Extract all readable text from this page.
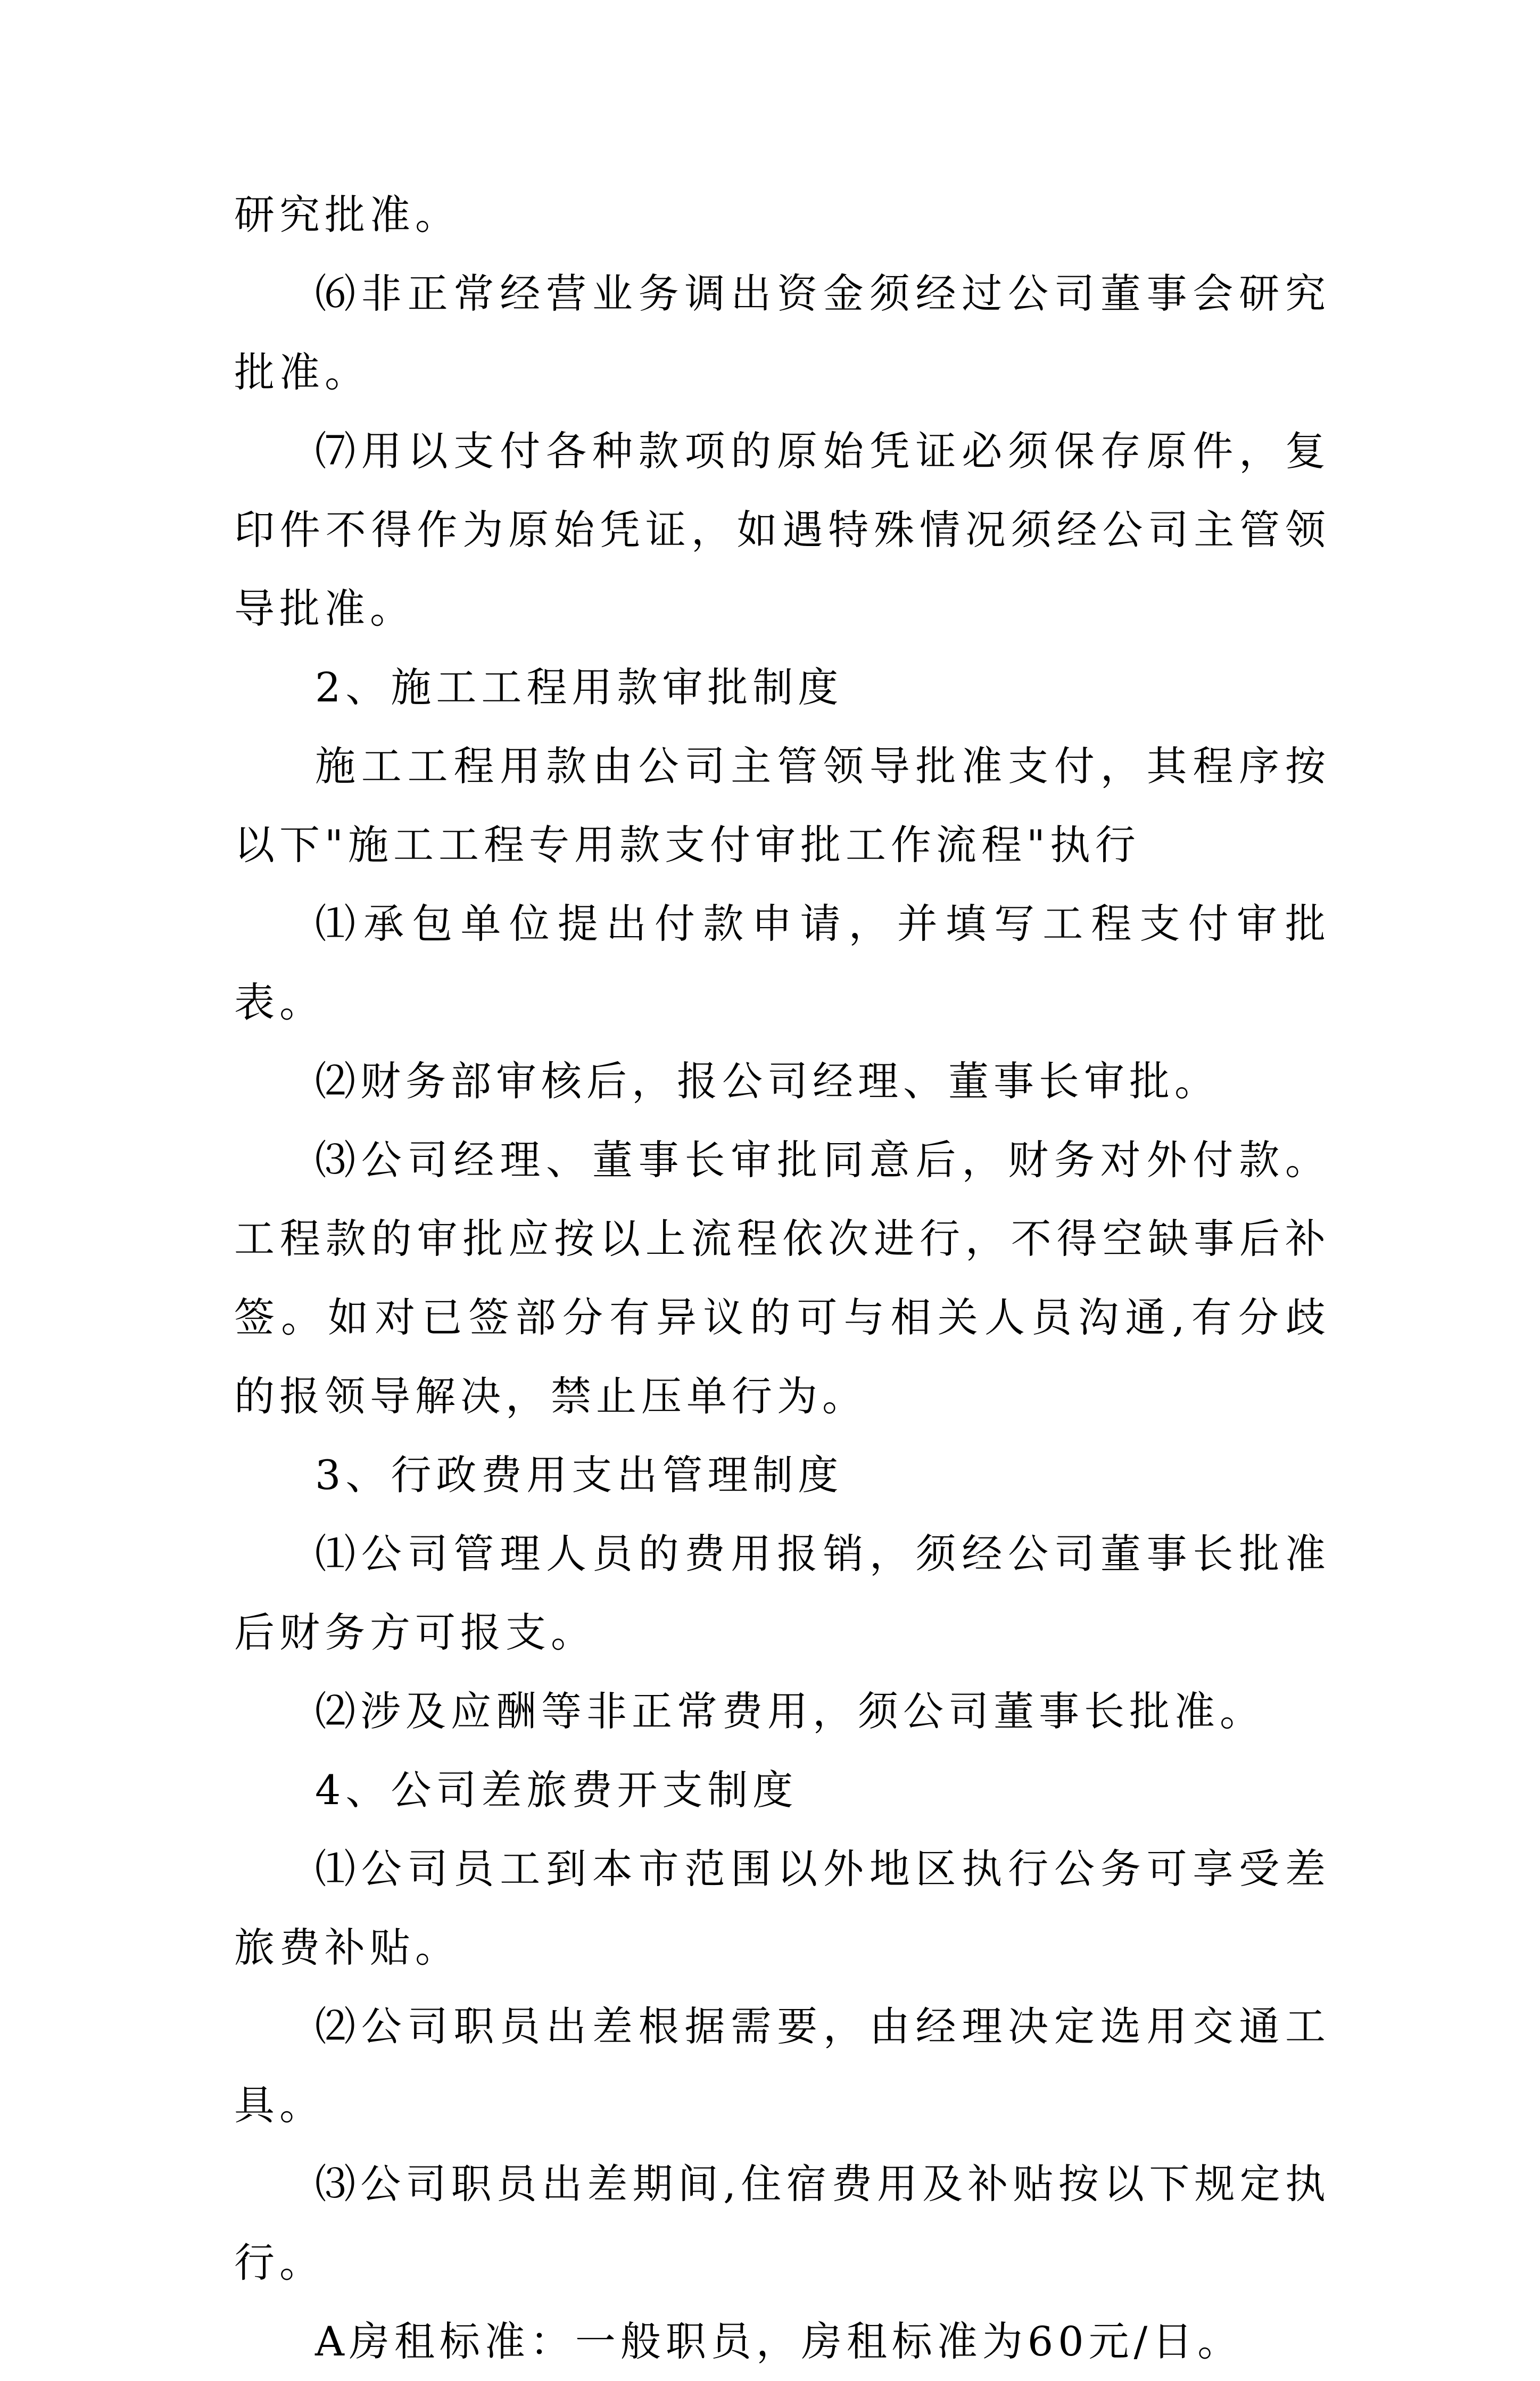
研究批准。

⑹非正常经营业务调出资金须经过公司董事会研究批准。

⑺用以支付各种款项的原始凭证必须保存原件，复印件不得作为原始凭证，如遇特殊情况须经公司主管领导批准。

2、施工工程用款审批制度

施工工程用款由公司主管领导批准支付，其程序按以下"施工工程专用款支付审批工作流程"执行

⑴承包单位提出付款申请，并填写工程支付审批表。

⑵财务部审核后，报公司经理、董事长审批。

⑶公司经理、董事长审批同意后，财务对外付款。工程款的审批应按以上流程依次进行，不得空缺事后补签。如对已签部分有异议的可与相关人员沟通,有分歧的报领导解决，禁止压单行为。

3、行政费用支出管理制度

⑴公司管理人员的费用报销，须经公司董事长批准后财务方可报支。

⑵涉及应酬等非正常费用，须公司董事长批准。

4、公司差旅费开支制度

⑴公司员工到本市范围以外地区执行公务可享受差旅费补贴。

⑵公司职员出差根据需要，由经理决定选用交通工具。

⑶公司职员出差期间,住宿费用及补贴按以下规定执行。

A房租标准：一般职员，房租标准为60元/日。
